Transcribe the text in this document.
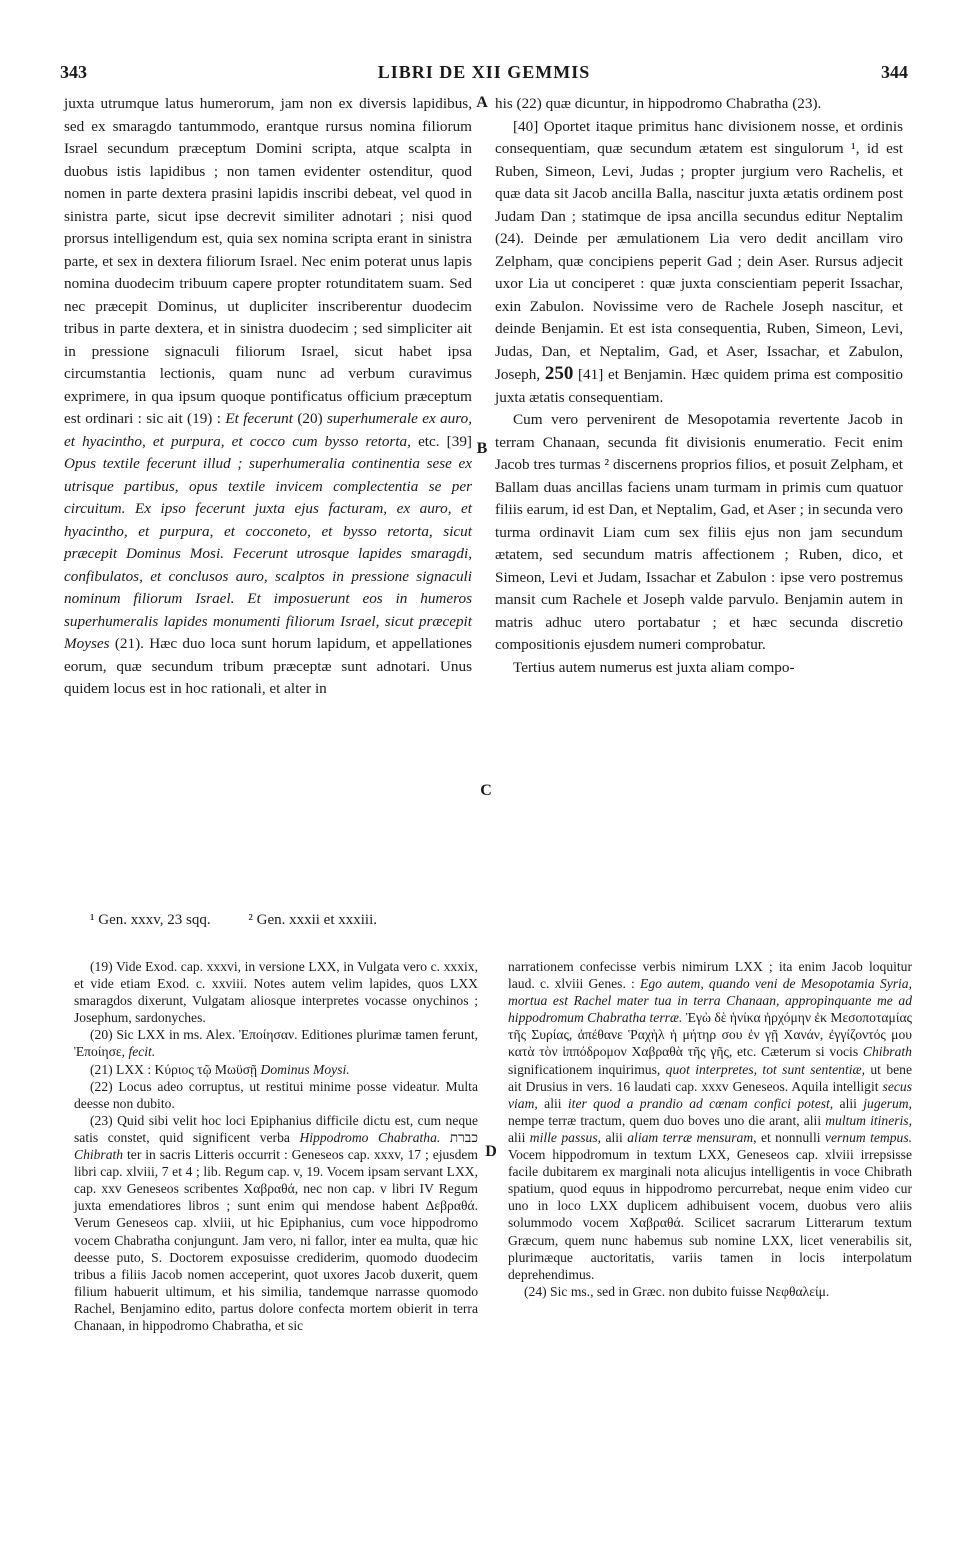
343	LIBRI DE XII GEMMIS	344

juxta utrumque latus humerorum, jam non ex diversis lapidibus, sed ex smaragdo tantummodo, erantque rursus nomina filiorum Israel secundum præceptum Domini scripta, atque scalpta in duobus istis lapidibus ; non tamen evidenter ostenditur, quod nomen in parte dextera prasini lapidis inscribi debeat, vel quod in sinistra parte, sicut ipse decrevit similiter adnotari ; nisi quod prorsus intelligendum est, quia sex nomina scripta erant in sinistra parte, et sex in dextera filiorum Israel. Nec enim poterat unus lapis nomina duodecim tribuum capere propter rotunditatem suam. Sed nec præcepit Dominus, ut dupliciter inscriberentur duodecim tribus in parte dextera, et in sinistra duodecim ; sed simpliciter ait in pressione signaculi filiorum Israel, sicut habet ipsa circumstantia lectionis, quam nunc ad verbum curavimus exprimere, in qua ipsum quoque pontificatus officium præceptum est ordinari : sic ait (19) : Et fecerunt (20) superhumerale ex auro, et hyacintho, et purpura, et cocco cum bysso retorta, etc. [39] Opus textile fecerunt illud ; superhumeralia continentia sese ex utrisque partibus, opus textile invicem complectentia se per circuitum. Ex ipso fecerunt juxta ejus facturam, ex auro, et hyacintho, et purpura, et cocconeto, et bysso retorta, sicut præcepit Dominus Mosi. Fecerunt utrosque lapides smaragdi, confibulatos, et conclusos auro, scalptos in pressione signaculi nominum filiorum Israel. Et imposuerunt eos in humeros superhumeralis lapides monumenti filiorum Israel, sicut præcepit Moyses (21). Hæc duo loca sunt horum lapidum, et appellationes eorum, quæ secundum tribum præceptæ sunt adnotari. Unus quidem locus est in hoc rationali, et alter in

A
B
C
D

his (22) quæ dicuntur, in hippodromo Chabratha (23).

[40] Oportet itaque primitus hanc divisionem nosse, et ordinis consequentiam, quæ secundum ætatem est singulorum ¹, id est Ruben, Simeon, Levi, Judas ; propter jurgium vero Rachelis, et quæ data sit Jacob ancilla Balla, nascitur juxta ætatis ordinem post Judam Dan ; statimque de ipsa ancilla secundus editur Neptalim (24). Deinde per æmulationem Lia vero dedit ancillam viro Zelpham, quæ concipiens peperit Gad ; dein Aser. Rursus adjecit uxor Lia ut conciperet : quæ juxta conscientiam peperit Issachar, exin Zabulon. Novissime vero de Rachele Joseph nascitur, et deinde Benjamin. Et est ista consequentia, Ruben, Simeon, Levi, Judas, Dan, et Neptalim, Gad, et Aser, Issachar, et Zabulon, Joseph, 250 [41] et Benjamin. Hæc quidem prima est compositio juxta ætatis consequentiam.

Cum vero pervenirent de Mesopotamia revertente Jacob in terram Chanaan, secunda fit divisionis enumeratio. Fecit enim Jacob tres turmas ² discernens proprios filios, et posuit Zelpham, et Ballam duas ancillas faciens unam turmam in primis cum quatuor filiis earum, id est Dan, et Neptalim, Gad, et Aser ; in secunda vero turma ordinavit Liam cum sex filiis ejus non jam secundum ætatem, sed secundum matris affectionem ; Ruben, dico, et Simeon, Levi et Judam, Issachar et Zabulon : ipse vero postremus mansit cum Rachele et Joseph valde parvulo. Benjamin autem in matris adhuc utero portabatur ; et hæc secunda discretio compositionis ejusdem numeri comprobatur.

Tertius autem numerus est juxta aliam compo-

¹ Gen. xxxv, 23 sqq.	² Gen. xxxii et xxxiii.

(19) Vide Exod. cap. xxxvi, in versione LXX, in Vulgata vero c. xxxix, et vide etiam Exod. c. xxviii. Notes autem velim lapides, quos LXX smaragdos dixerunt, Vulgatam aliosque interpretes vocasse onychinos ; Josephum, sardonyches.

(20) Sic LXX in ms. Alex. Ἐποίησαν. Editiones plurimæ tamen ferunt, Ἐποίησε, fecit.

(21) LXX : Κύριος τῷ Μωϋσῇ Dominus Moysi.

(22) Locus adeo corruptus, ut restitui minime posse videatur. Multa deesse non dubito.

(23) Quid sibi velit hoc loci Epiphanius difficile dictu est, cum neque satis constet, quid significent verba Hippodromo Chabratha. כברת Chibrath ter in sacris Litteris occurrit : Geneseos cap. xxxv, 17 ; ejusdem libri cap. xlviii, 7 et 4 ; lib. Regum cap. v, 19. Vocem ipsam servant LXX, cap. xxv Geneseos scribentes Χαβραθά, nec non cap. v libri IV Regum juxta emendatiores libros ; sunt enim qui mendose habent Δεβραθά. Verum Geneseos cap. xlviii, ut hic Epiphanius, cum voce hippodromo vocem Chabratha conjungunt. Jam vero, ni fallor, inter ea multa, quæ hic deesse puto, S. Doctorem exposuisse crediderim, quomodo duodecim tribus a filiis Jacob nomen acceperint, quot uxores Jacob duxerit, quem filium habuerit ultimum, et his similia, tandemque narrasse quomodo Rachel, Benjamino edito, partus dolore confecta mortem obierit in terra Chanaan, in hippodromo Chabratha, et sic

narrationem confecisse verbis nimirum LXX ; ita enim Jacob loquitur laud. c. xlviii Genes. : Ego autem, quando veni de Mesopotamia Syria, mortua est Rachel mater tua in terra Chanaan, appropinquante me ad hippodromum Chabratha terræ. Ἐγὼ δὲ ἡνίκα ἠρχόμην ἐκ Μεσοποταμίας τῆς Συρίας, ἀπέθανε Ῥαχὴλ ἡ μήτηρ σου ἐν γῇ Χανάν, ἐγγίζοντός μου κατὰ τὸν ἱππόδρομον Χαβραθὰ τῆς γῆς, etc. Cæterum si vocis Chibrath significationem inquirimus, quot interpretes, tot sunt sententiæ, ut bene ait Drusius in vers. 16 laudati cap. xxxv Geneseos. Aquila intelligit secus viam, alii iter quod a prandio ad cœnam confici potest, alii jugerum, nempe terræ tractum, quem duo boves uno die arant, alii multum itineris, alii mille passus, alii aliam terræ mensuram, et nonnulli vernum tempus. Vocem hippodromum in textum LXX, Geneseos cap. xlviii irrepsisse facile dubitarem ex marginali nota alicujus intelligentis in voce Chibrath spatium, quod equus in hippodromo percurrebat, neque enim video cur uno in loco LXX duplicem adhibuisent vocem, duobus vero aliis solummodo vocem Χαβραθά. Scilicet sacrarum Litterarum textum Græcum, quem nunc habemus sub nomine LXX, licet venerabilis sit, plurimæque auctoritatis, variis tamen in locis interpolatum deprehendimus.

(24) Sic ms., sed in Græc. non dubito fuisse Νεφθαλείμ.
